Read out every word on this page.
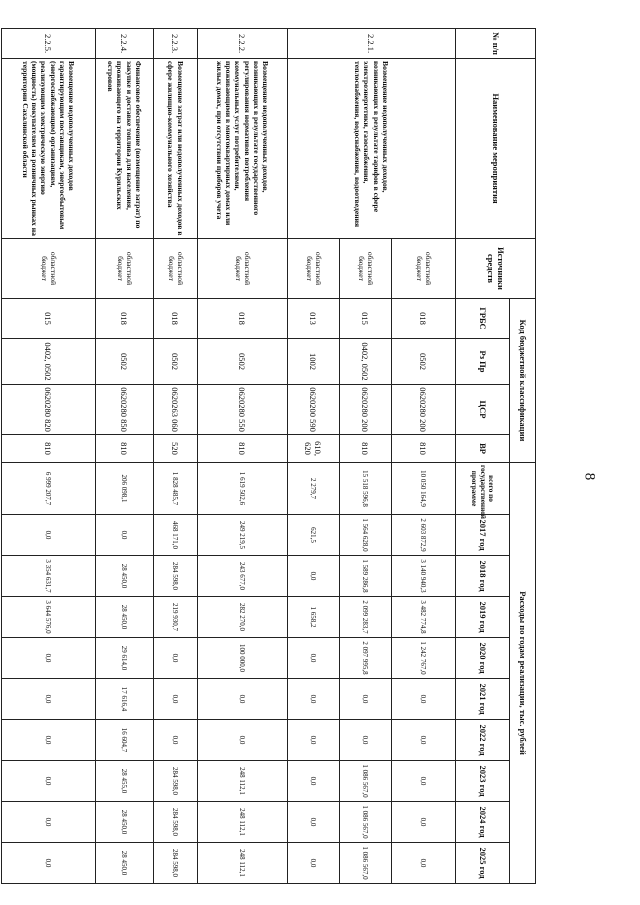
8
№ п/п	Наименование мероприятия	Источники средств	Код бюджетной классификации				Расходы по годам реализации, тыс. рублей									
			ГРБС	Рз Пр	ЦСР	ВР	всего по государственной программе	2017 год	2018 год	2019 год	2020 год	2021 год	2022 год	2023 год	2024 год	2025 год

2.2.1.	Возмещение недополученных доходов, возникающих в результате тарифов в сфере электроэнергетики, газоснабжения, теплоснабжения, водоснабжения, водоотведения	областной бюджет	018	0502	0620280 200	810	10 050 164,9	2 603 872,9	3 140 940,3	3 482 774,8	1 242 767,0	0,0	0,0	0,0	0,0	0,0
		областной бюджет	015	0402, 0502	0620280 200	810	15 518 596,8	1 564 628,0	1 589 286,8	2 099 283,7	2 097 995,8	0,0	0,0	1 086 567,0	1 086 567,0	1 086 567,0
		областной бюджет	013	1002	0620200 590	610, 620	2 279,7	621,5	0,0	1 658,2	0,0	0,0	0,0	0,0	0,0	0,0
2.2.2.	Возмещение недополученных доходов, возникающих в результате государственного регулирования нормативов потребления коммунальных услуг потребителями, проживающими в многоквартирных домах или жилых домах, при отсутствии приборов учета	областной бюджет	018	0502	0620280 550	810	1 619 502,6	249 219,5	243 677,0	282 270,0	100 000,0	0,0	0,0	248 112,1	248 112,1	248 112,1
2.2.3.	Возмещение затрат или недополученных доходов в сфере жилищно-коммунального хозяйства	областной бюджет	018	0502	0620263 060	520	1 828 485,7	468 171,0	284 598,0	219 930,7	0,0	0,0	0,0	284 598,0	284 598,0	284 598,0
2.2.4.	Финансовое обеспечение (возмещение затрат) по закупке и доставке топлива для населения, проживающего на территории Курильских островов	областной бюджет	018	0502	0620280 850	810	206 098,1	0,0	28 450,0	28 450,0	29 614,0	17 616,4	16 604,7	28 455,0	28 450,0	28 450,0
2.2.5.	Возмещение недополученных доходов гарантирующим поставщикам, энергосбытовым (энергоснабжающим) организациям, реализующим электрическую энергию (мощность) покупателям на розничных рынках на территории Сахалинской области	областной бюджет	015	0402, 0502	0620280 820	810	6 999 207,7	0,0	3 354 631,7	3 644 576,0	0,0	0,0	0,0	0,0	0,0	0,0
